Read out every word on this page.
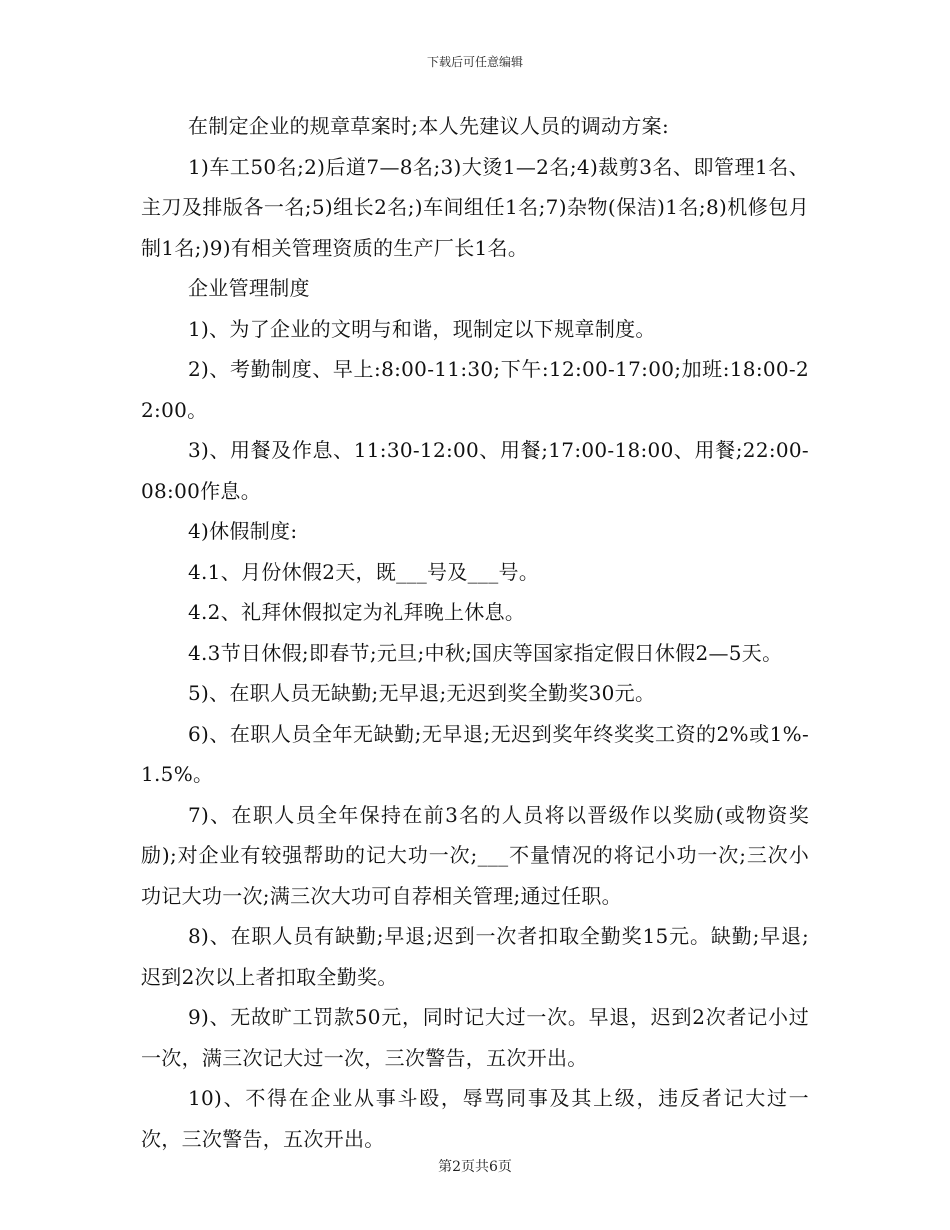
下载后可任意编辑

在制定企业的规章草案时;本人先建议人员的调动方案:

1)车工50名;2)后道7—8名;3)大烫1—2名;4)裁剪3名、即管理1名、主刀及排版各一名;5)组长2名;)车间组任1名;7)杂物(保洁)1名;8)机修包月制1名;)9)有相关管理资质的生产厂长1名。

企业管理制度

1)、为了企业的文明与和谐，现制定以下规章制度。

2)、考勤制度、早上:8:00-11:30;下午:12:00-17:00;加班:18:00-22:00。

3)、用餐及作息、11:30-12:00、用餐;17:00-18:00、用餐;22:00-08:00作息。

4)休假制度:

4.1、月份休假2天，既___号及___号。

4.2、礼拜休假拟定为礼拜晚上休息。

4.3节日休假;即春节;元旦;中秋;国庆等国家指定假日休假2—5天。

5)、在职人员无缺勤;无早退;无迟到奖全勤奖30元。

6)、在职人员全年无缺勤;无早退;无迟到奖年终奖奖工资的2%或1%-1.5%。

7)、在职人员全年保持在前3名的人员将以晋级作以奖励(或物资奖励);对企业有较强帮助的记大功一次;___不量情况的将记小功一次;三次小功记大功一次;满三次大功可自荐相关管理;通过任职。

8)、在职人员有缺勤;早退;迟到一次者扣取全勤奖15元。缺勤;早退;迟到2次以上者扣取全勤奖。

9)、无故旷工罚款50元，同时记大过一次。早退，迟到2次者记小过一次，满三次记大过一次，三次警告，五次开出。

10)、不得在企业从事斗殴，辱骂同事及其上级，违反者记大过一次，三次警告，五次开出。

第2页共6页
